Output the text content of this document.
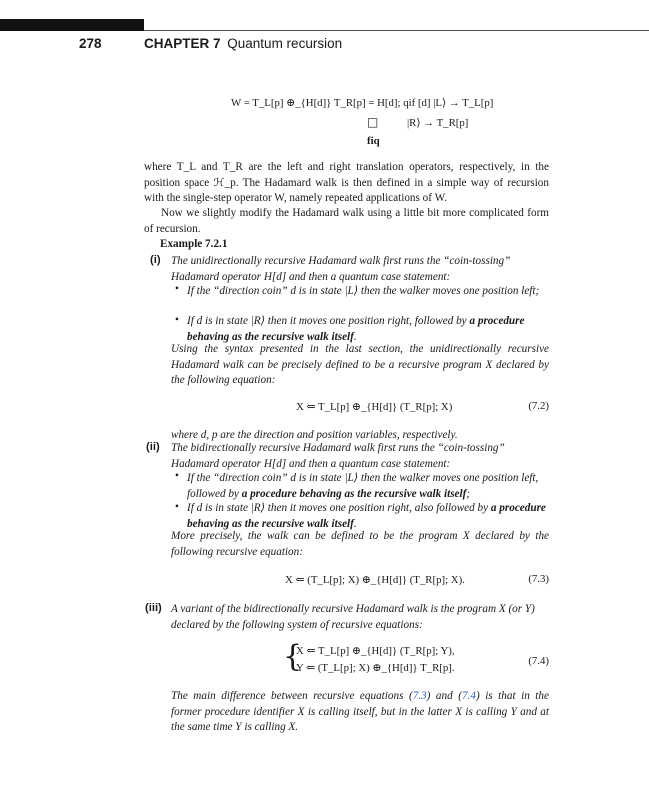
278	CHAPTER 7 Quantum recursion
W = T_L[p] ⊕_{H[d]} T_R[p] = H[d]; qif [d] |L⟩ → T_L[p]
□	|R⟩ → T_R[p]
fiq
where T_L and T_R are the left and right translation operators, respectively, in the position space ℋ_p. The Hadamard walk is then defined in a simple way of recursion with the single-step operator W, namely repeated applications of W.
Now we slightly modify the Hadamard walk using a little bit more complicated form of recursion.
Example 7.2.1
(i) The unidirectionally recursive Hadamard walk first runs the “coin-tossing” Hadamard operator H[d] and then a quantum case statement:
• If the “direction coin” d is in state |L⟩ then the walker moves one position left;
• If d is in state |R⟩ then it moves one position right, followed by a procedure behaving as the recursive walk itself.
Using the syntax presented in the last section, the unidirectionally recursive Hadamard walk can be precisely defined to be a recursive program X declared by the following equation:
X ⇐ T_L[p] ⊕_{H[d]} (T_R[p]; X)	(7.2)
where d, p are the direction and position variables, respectively.
(ii) The bidirectionally recursive Hadamard walk first runs the “coin-tossing” Hadamard operator H[d] and then a quantum case statement:
• If the “direction coin” d is in state |L⟩ then the walker moves one position left, followed by a procedure behaving as the recursive walk itself;
• If d is in state |R⟩ then it moves one position right, also followed by a procedure behaving as the recursive walk itself.
More precisely, the walk can be defined to be the program X declared by the following recursive equation:
X ⇐ (T_L[p]; X) ⊕_{H[d]} (T_R[p]; X).	(7.3)
(iii) A variant of the bidirectionally recursive Hadamard walk is the program X (or Y) declared by the following system of recursive equations:
{
X ⇐ T_L[p] ⊕_{H[d]} (T_R[p]; Y),
Y ⇐ (T_L[p]; X) ⊕_{H[d]} T_R[p].
(7.4)
The main difference between recursive equations (7.3) and (7.4) is that in the former procedure identifier X is calling itself, but in the latter X is calling Y and at the same time Y is calling X.
